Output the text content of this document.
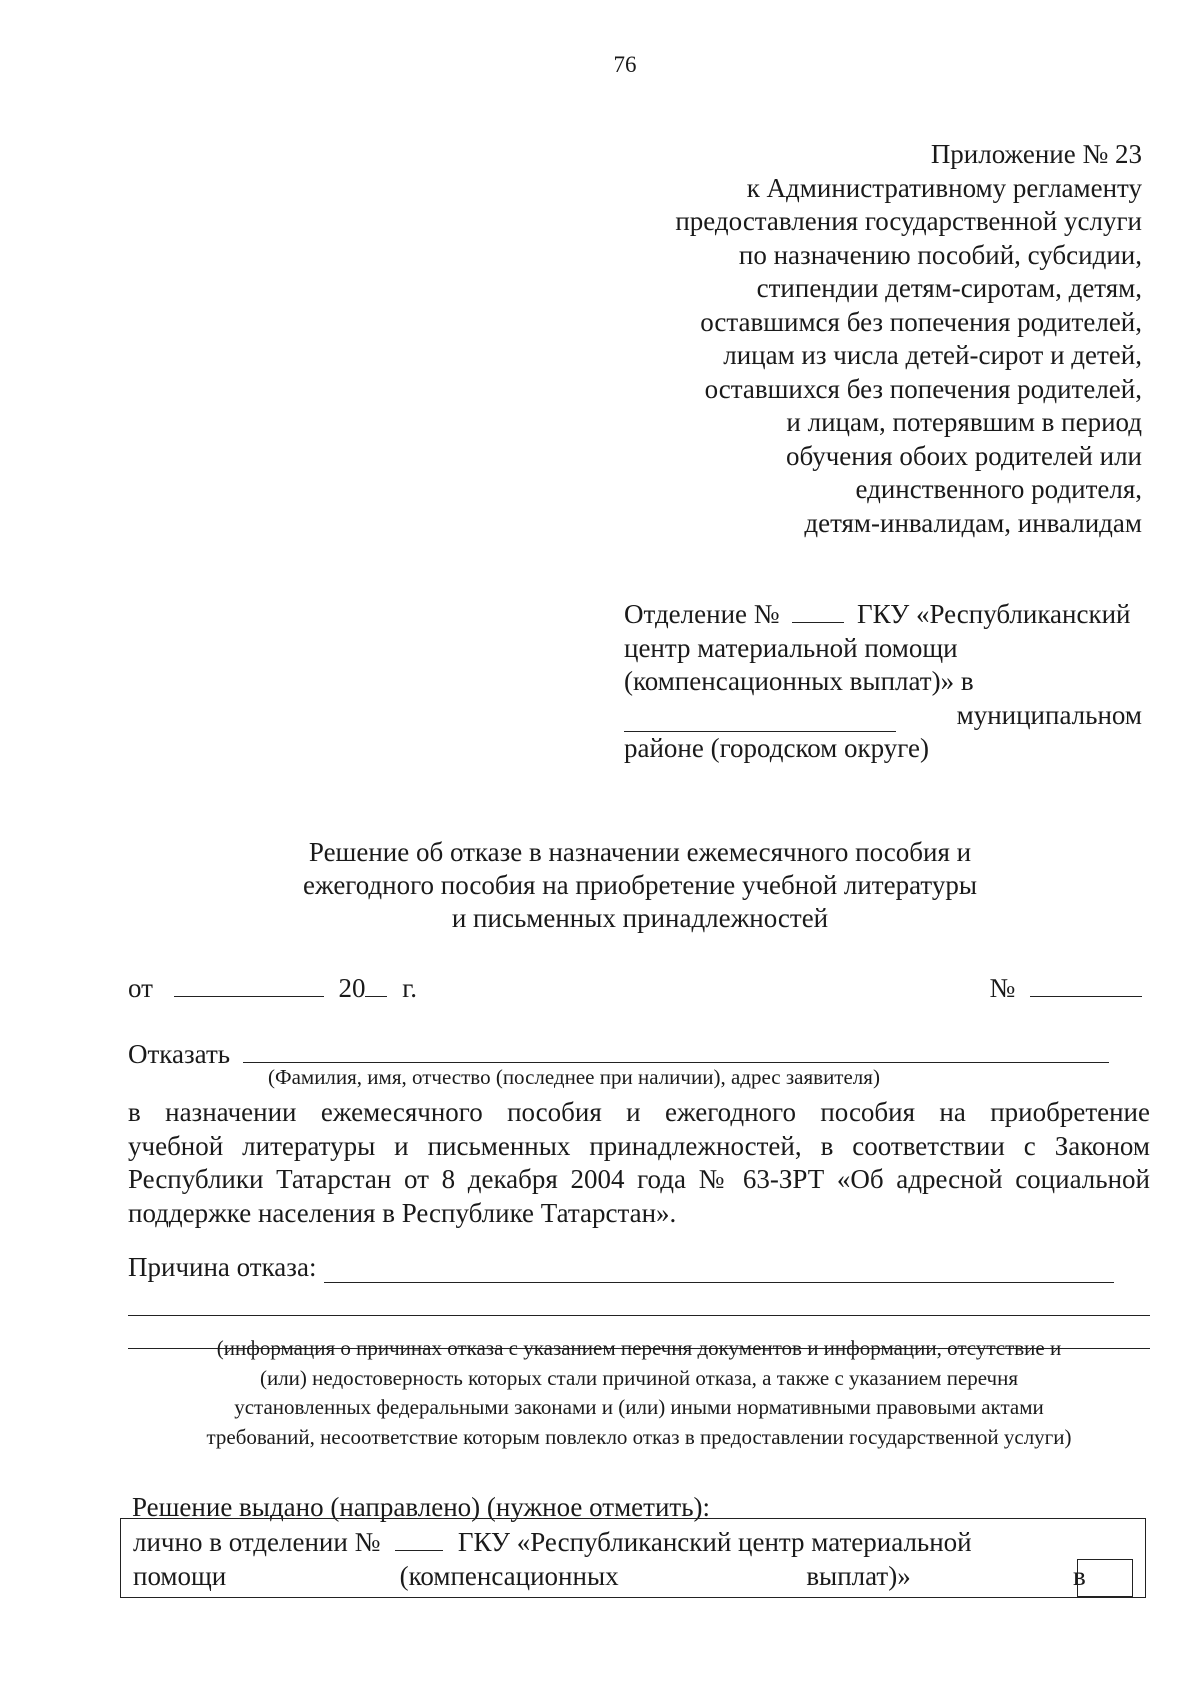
76
Приложение № 23
к Административному регламенту
предоставления государственной услуги
по назначению пособий, субсидии,
стипендии детям-сиротам, детям,
оставшимся без попечения родителей,
лицам из числа детей-сирот и детей,
оставшихся без попечения родителей,
и лицам, потерявшим в период
обучения обоих родителей или
единственного родителя,
детям-инвалидам, инвалидам
Отделение №	ГКУ «Республиканский
центр материальной помощи
(компенсационных выплат)» в
муниципальном
районе (городском округе)
Решение об отказе в назначении ежемесячного пособия и
ежегодного пособия на приобретение учебной литературы
и письменных принадлежностей
от	20 г.	№
Отказать
(Фамилия, имя, отчество (последнее при наличии), адрес заявителя)
в назначении ежемесячного пособия и ежегодного пособия на приобретение
учебной литературы и письменных принадлежностей, в соответствии с Законом
Республики Татарстан от 8 декабря 2004 года № 63-ЗРТ «Об адресной социальной
поддержке населения в Республике Татарстан».
Причина отказа:
(информация о причинах отказа с указанием перечня документов и информации, отсутствие и
(или) недостоверность которых стали причиной отказа, а также с указанием перечня
установленных федеральными законами и (или) иными нормативными правовыми актами
требований, несоответствие которым повлекло отказ в предоставлении государственной услуги)
Решение выдано (направлено) (нужное отметить):
лично в отделении №	ГКУ «Республиканский центр материальной
помощи	(компенсационных	выплат)»	в
